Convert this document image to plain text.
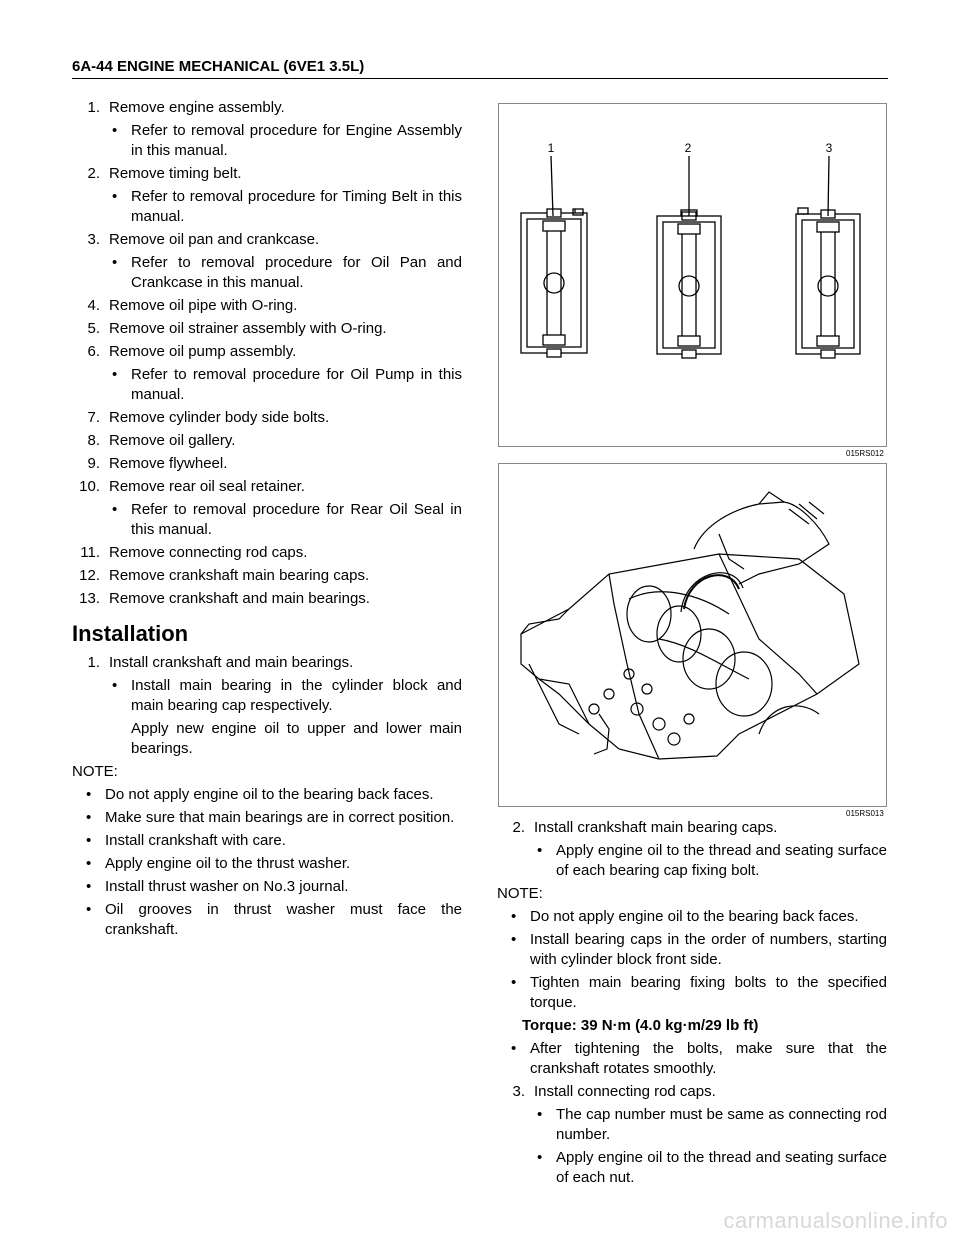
6A-44 ENGINE MECHANICAL (6VE1 3.5L)
1. Remove engine assembly.
• Refer to removal procedure for Engine Assembly in this manual.
2. Remove timing belt.
• Refer to removal procedure for Timing Belt in this manual.
3. Remove oil pan and crankcase.
• Refer to removal procedure for Oil Pan and Crankcase in this manual.
4. Remove oil pipe with O-ring.
5. Remove oil strainer assembly with O-ring.
6. Remove oil pump assembly.
• Refer to removal procedure for Oil Pump in this manual.
7. Remove cylinder body side bolts.
8. Remove oil gallery.
9. Remove flywheel.
10. Remove rear oil seal retainer.
• Refer to removal procedure for Rear Oil Seal in this manual.
11. Remove connecting rod caps.
12. Remove crankshaft main bearing caps.
13. Remove crankshaft and main bearings.
Installation
1. Install crankshaft and main bearings.
• Install main bearing in the cylinder block and main bearing cap respectively.
Apply new engine oil to upper and lower main bearings.
NOTE:
• Do not apply engine oil to the bearing back faces.
• Make sure that main bearings are in correct position.
• Install crankshaft with care.
• Apply engine oil to the thrust washer.
• Install thrust washer on No.3 journal.
• Oil grooves in thrust washer must face the crankshaft.
1	2	3
015RS012
015RS013
2. Install crankshaft main bearing caps.
• Apply engine oil to the thread and seating surface of each bearing cap fixing bolt.
NOTE:
• Do not apply engine oil to the bearing back faces.
• Install bearing caps in the order of numbers, starting with cylinder block front side.
• Tighten main bearing fixing bolts to the specified torque.
Torque: 39 N·m (4.0 kg·m/29 lb ft)
• After tightening the bolts, make sure that the crankshaft rotates smoothly.
3. Install connecting rod caps.
• The cap number must be same as connecting rod number.
• Apply engine oil to the thread and seating surface of each nut.
carmanualsonline.info
